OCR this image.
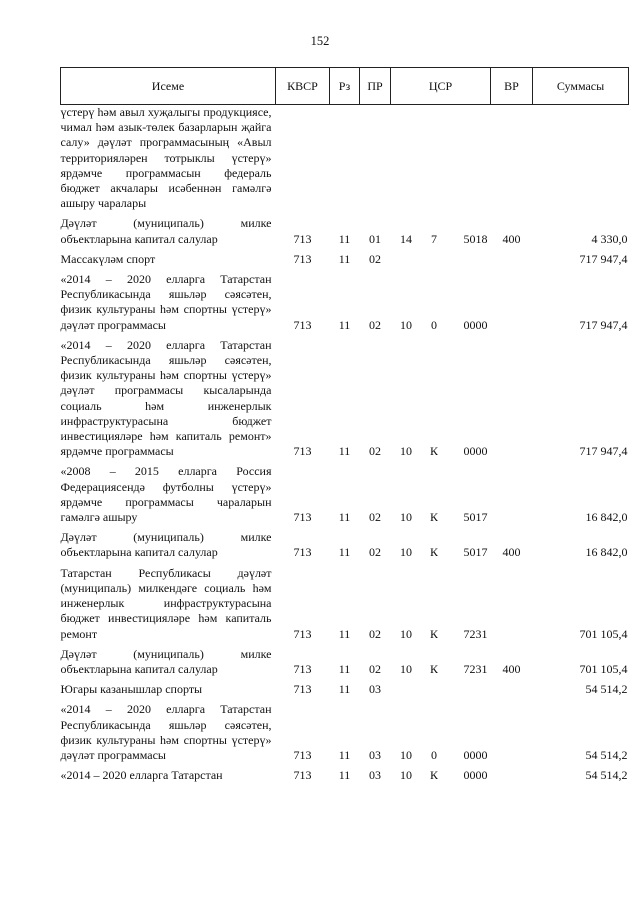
152
Исеме	КВСР	Рз	ПР	ЦСР			ВР	Суммасы
үстерү һәм авыл хуҗалыгы продукциясе, чимал һәм азык-төлек базарларын җайга салу» дәүләт программасының «Авыл территорияләрен тотрыклы үстерү» ярдәмче программасын федераль бюджет акчалары исәбеннән гамәлгә ашыру чаралары								
Дәүләт (муниципаль) милке объектларына капитал салулар	713	11	01	14	7	5018	400	4 330,0
Массакүләм спорт	713	11	02					717 947,4
«2014 – 2020 елларга Татарстан Республикасында яшьләр сәясәтен, физик культураны һәм спортны үстерү» дәүләт программасы	713	11	02	10	0	0000		717 947,4
«2014 – 2020 елларга Татарстан Республикасында яшьләр сәясәтен, физик культураны һәм спортны үстерү» дәүләт программасы кысаларында социаль һәм инженерлык инфраструктурасына бюджет инвестицияләре һәм капиталь ремонт» ярдәмче программасы	713	11	02	10	К	0000		717 947,4
«2008 – 2015 елларга Россия Федерациясендә футболны үстерү» ярдәмче программасы чараларын гамәлгә ашыру	713	11	02	10	К	5017		16 842,0
Дәүләт (муниципаль) милке объектларына капитал салулар	713	11	02	10	К	5017	400	16 842,0
Татарстан Республикасы дәүләт (муниципаль) милкендәге социаль һәм инженерлык инфраструктурасына бюджет инвестицияләре һәм капиталь ремонт	713	11	02	10	К	7231		701 105,4
Дәүләт (муниципаль) милке объектларына капитал салулар	713	11	02	10	К	7231	400	701 105,4
Югары казанышлар спорты	713	11	03					54 514,2
«2014 – 2020 елларга Татарстан Республикасында яшьләр сәясәтен, физик культураны һәм спортны үстерү» дәүләт программасы	713	11	03	10	0	0000		54 514,2
«2014 – 2020 елларга Татарстан	713	11	03	10	К	0000		54 514,2
